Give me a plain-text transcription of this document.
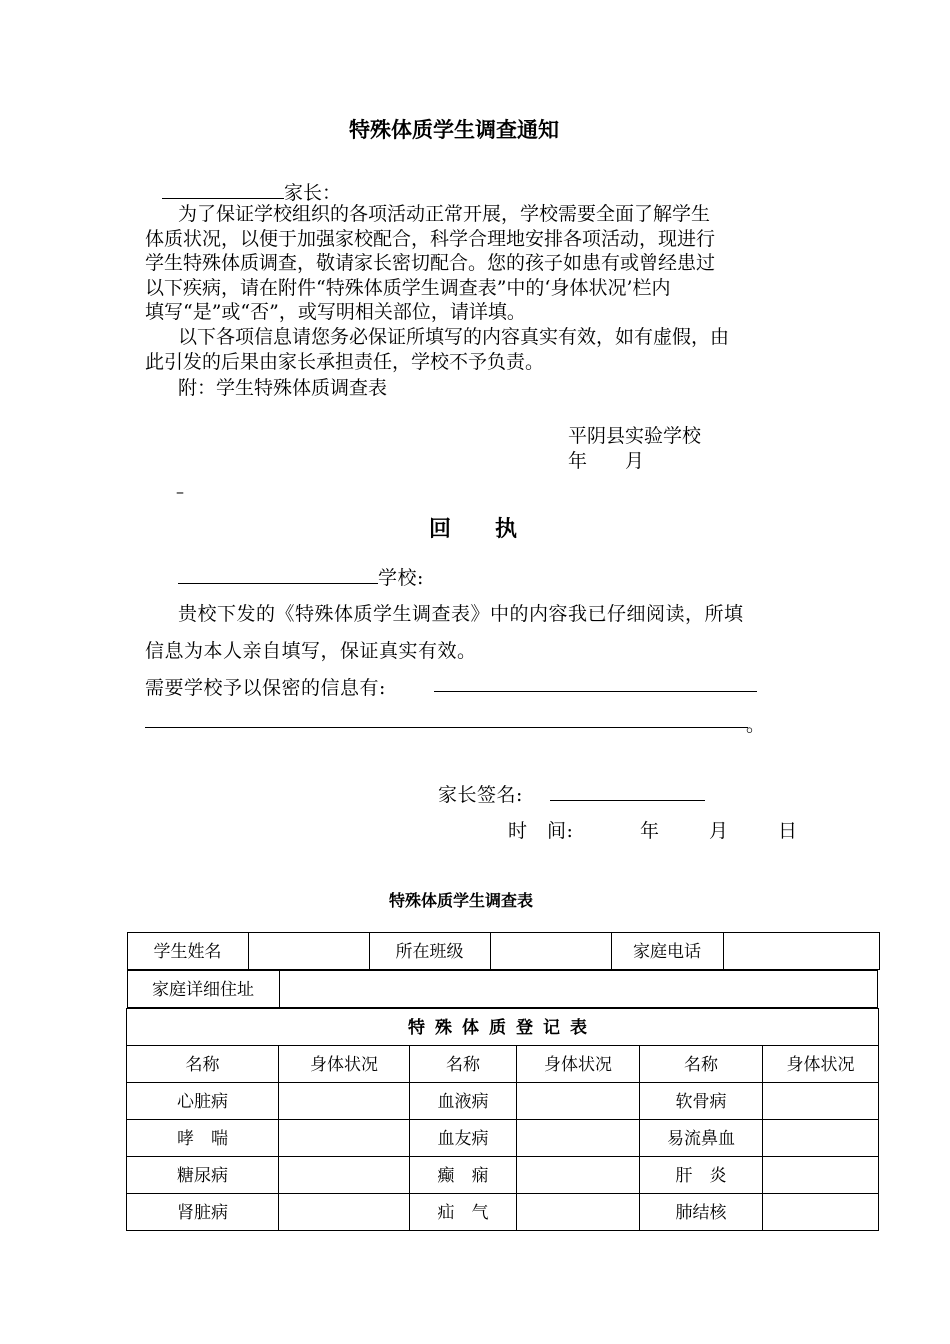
特殊体质学生调查通知
家长：
为了保证学校组织的各项活动正常开展，学校需要全面了解学生
体质状况，以便于加强家校配合，科学合理地安排各项活动，现进行
学生特殊体质调查，敬请家长密切配合。您的孩子如患有或曾经患过
以下疾病，请在附件“特殊体质学生调查表”中的‘身体状况’栏内
填写“是”或“否”，或写明相关部位，请详填。
以下各项信息请您务必保证所填写的内容真实有效，如有虚假，由
此引发的后果由家长承担责任，学校不予负责。
附：学生特殊体质调查表
平阴县实验学校
年　　月
–
回　　执
学校:
贵校下发的《特殊体质学生调查表》中的内容我已仔细阅读，所填
信息为本人亲自填写，保证真实有效。
需要学校予以保密的信息有:
。
家长签名:
时　间:	年　　月　　日
特殊体质学生调查表
学生姓名		所在班级		家庭电话

家庭详细住址

特殊体质登记表

名称	身体状况	名称	身体状况	名称	身体状况

心脏病		血液病		软骨病

哮　喘		血友病		易流鼻血

糖尿病		癫　痫		肝　炎

肾脏病		疝　气		肺结核
